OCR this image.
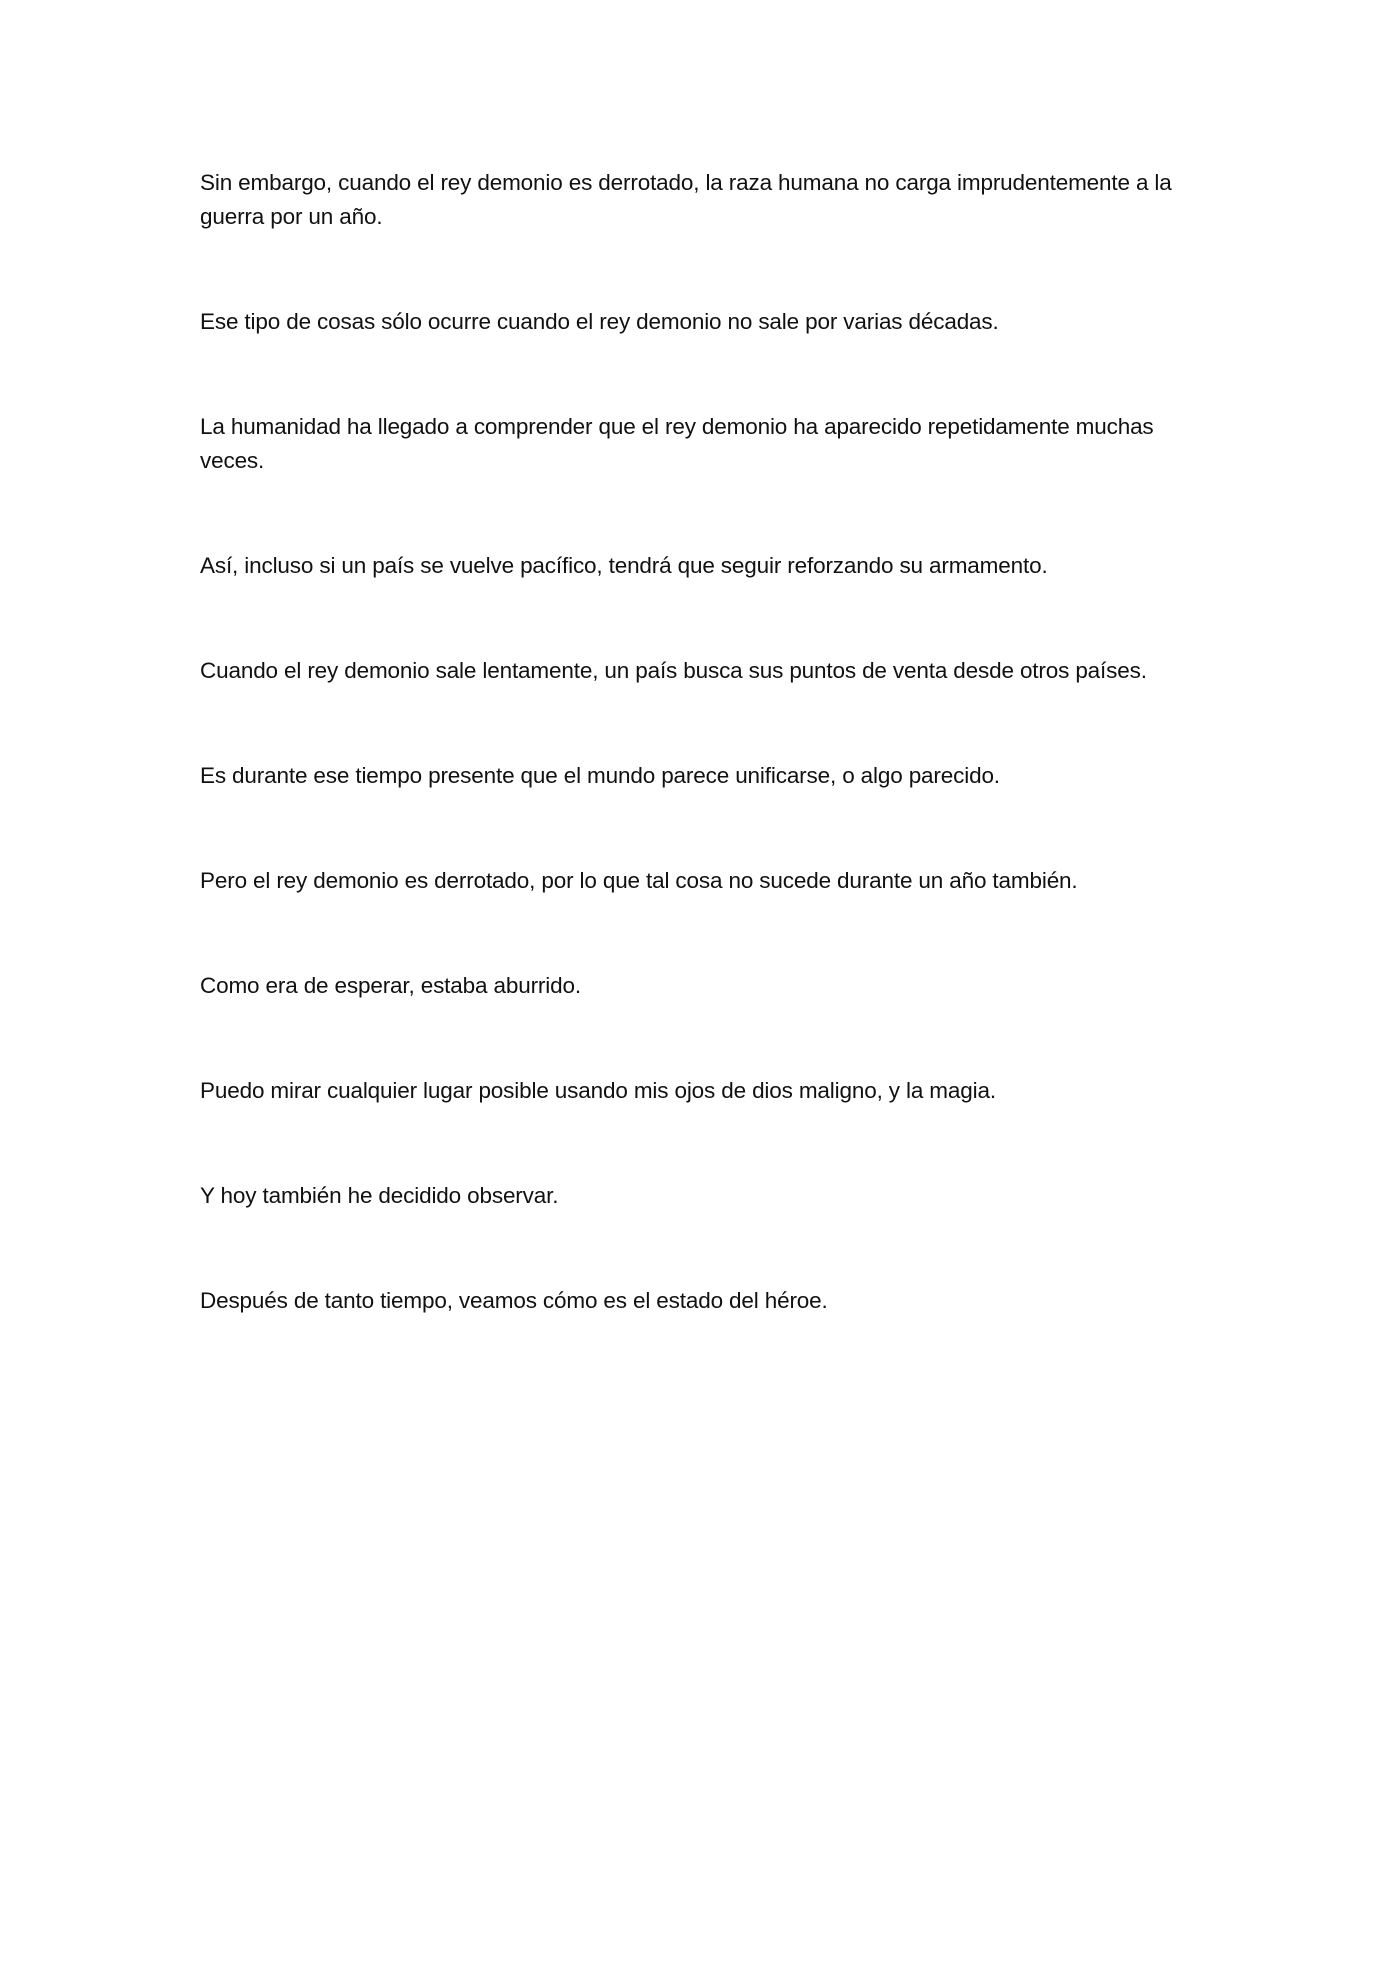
Sin embargo, cuando el rey demonio es derrotado, la raza humana no carga imprudentemente a la guerra por un año.

Ese tipo de cosas sólo ocurre cuando el rey demonio no sale por varias décadas.

La humanidad ha llegado a comprender que el rey demonio ha aparecido repetidamente muchas veces.

Así, incluso si un país se vuelve pacífico, tendrá que seguir reforzando su armamento.

Cuando el rey demonio sale lentamente, un país busca sus puntos de venta desde otros países.

Es durante ese tiempo presente que el mundo parece unificarse, o algo parecido.

Pero el rey demonio es derrotado, por lo que tal cosa no sucede durante un año también.

Como era de esperar, estaba aburrido.

Puedo mirar cualquier lugar posible usando mis ojos de dios maligno, y la magia.

Y hoy también he decidido observar.

Después de tanto tiempo, veamos cómo es el estado del héroe.
